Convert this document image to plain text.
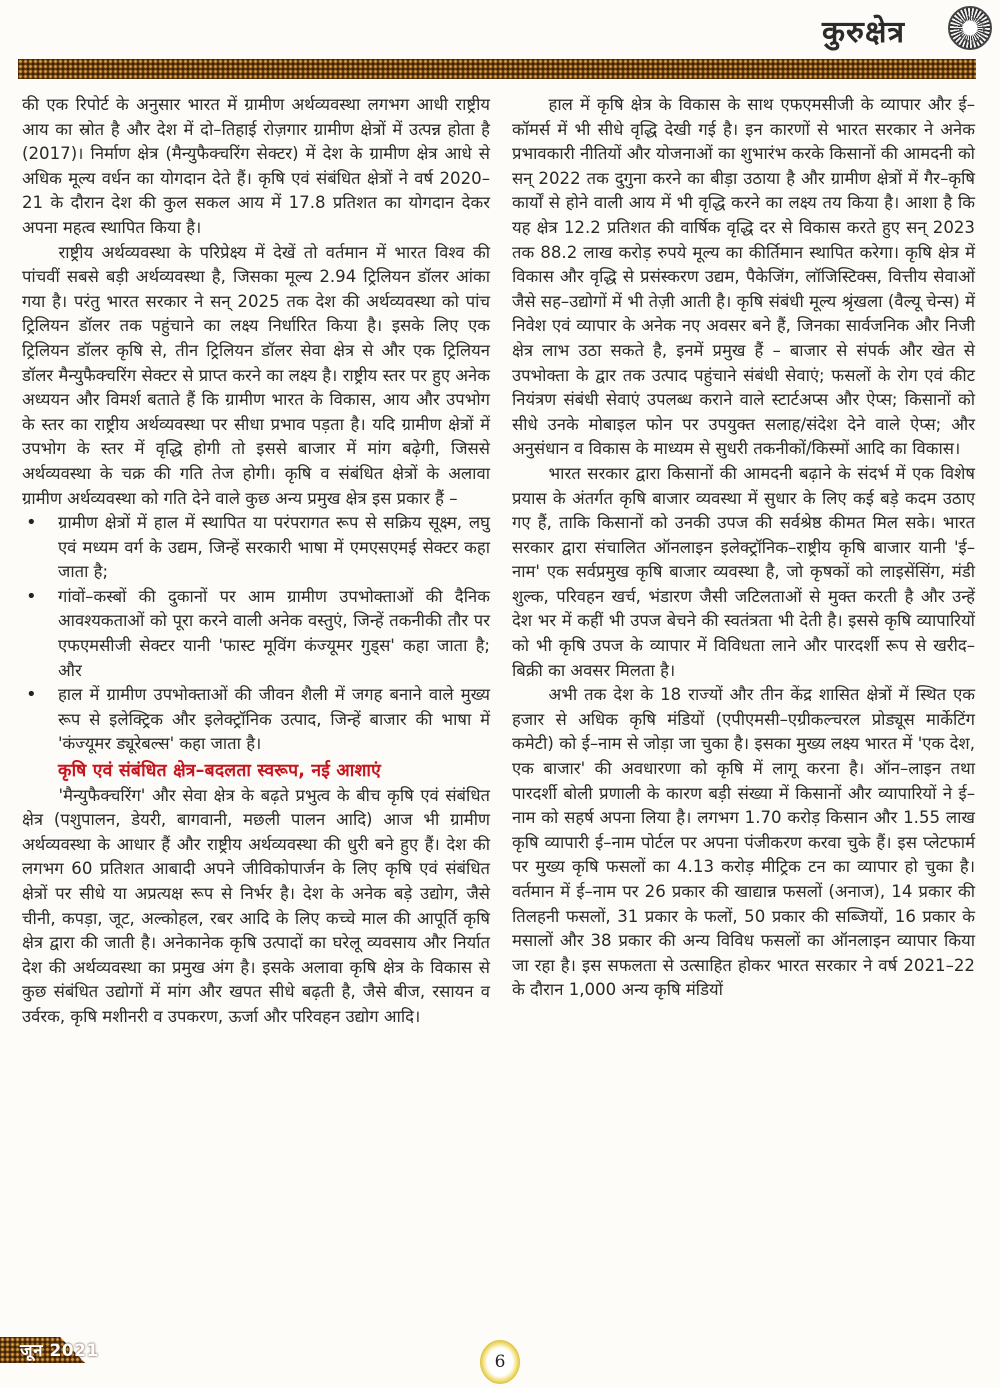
कुरुक्षेत्र

की एक रिपोर्ट के अनुसार भारत में ग्रामीण अर्थव्यवस्था लगभग आधी राष्ट्रीय आय का स्रोत है और देश में दो–तिहाई रोज़गार ग्रामीण क्षेत्रों में उत्पन्न होता है (2017)। निर्माण क्षेत्र (मैन्युफैक्चरिंग सेक्टर) में देश के ग्रामीण क्षेत्र आधे से अधिक मूल्य वर्धन का योगदान देते हैं। कृषि एवं संबंधित क्षेत्रों ने वर्ष 2020–21 के दौरान देश की कुल सकल आय में 17.8 प्रतिशत का योगदान देकर अपना महत्व स्थापित किया है।

राष्ट्रीय अर्थव्यवस्था के परिप्रेक्ष्य में देखें तो वर्तमान में भारत विश्व की पांचवीं सबसे बड़ी अर्थव्यवस्था है, जिसका मूल्य 2.94 ट्रिलियन डॉलर आंका गया है। परंतु भारत सरकार ने सन् 2025 तक देश की अर्थव्यवस्था को पांच ट्रिलियन डॉलर तक पहुंचाने का लक्ष्य निर्धारित किया है। इसके लिए एक ट्रिलियन डॉलर कृषि से, तीन ट्रिलियन डॉलर सेवा क्षेत्र से और एक ट्रिलियन डॉलर मैन्युफैक्चरिंग सेक्टर से प्राप्त करने का लक्ष्य है। राष्ट्रीय स्तर पर हुए अनेक अध्ययन और विमर्श बताते हैं कि ग्रामीण भारत के विकास, आय और उपभोग के स्तर का राष्ट्रीय अर्थव्यवस्था पर सीधा प्रभाव पड़ता है। यदि ग्रामीण क्षेत्रों में उपभोग के स्तर में वृद्धि होगी तो इससे बाजार में मांग बढ़ेगी, जिससे अर्थव्यवस्था के चक्र की गति तेज होगी। कृषि व संबंधित क्षेत्रों के अलावा ग्रामीण अर्थव्यवस्था को गति देने वाले कुछ अन्य प्रमुख क्षेत्र इस प्रकार हैं –

• ग्रामीण क्षेत्रों में हाल में स्थापित या परंपरागत रूप से सक्रिय सूक्ष्म, लघु एवं मध्यम वर्ग के उद्यम, जिन्हें सरकारी भाषा में एमएसएमई सेक्टर कहा जाता है;
• गांवों–कस्बों की दुकानों पर आम ग्रामीण उपभोक्ताओं की दैनिक आवश्यकताओं को पूरा करने वाली अनेक वस्तुएं, जिन्हें तकनीकी तौर पर एफएमसीजी सेक्टर यानी 'फास्ट मूविंग कंज्यूमर गुड्स' कहा जाता है; और
• हाल में ग्रामीण उपभोक्ताओं की जीवन शैली में जगह बनाने वाले मुख्य रूप से इलेक्ट्रिक और इलेक्ट्रॉनिक उत्पाद, जिन्हें बाजार की भाषा में 'कंज्यूमर ड्यूरेबल्स' कहा जाता है।
कृषि एवं संबंधित क्षेत्र–बदलता स्वरूप, नई आशाएं

'मैन्युफैक्चरिंग' और सेवा क्षेत्र के बढ़ते प्रभुत्व के बीच कृषि एवं संबंधित क्षेत्र (पशुपालन, डेयरी, बागवानी, मछली पालन आदि) आज भी ग्रामीण अर्थव्यवस्था के आधार हैं और राष्ट्रीय अर्थव्यवस्था की धुरी बने हुए हैं। देश की लगभग 60 प्रतिशत आबादी अपने जीविकोपार्जन के लिए कृषि एवं संबंधित क्षेत्रों पर सीधे या अप्रत्यक्ष रूप से निर्भर है। देश के अनेक बड़े उद्योग, जैसे चीनी, कपड़ा, जूट, अल्कोहल, रबर आदि के लिए कच्चे माल की आपूर्ति कृषि क्षेत्र द्वारा की जाती है। अनेकानेक कृषि उत्पादों का घरेलू व्यवसाय और निर्यात देश की अर्थव्यवस्था का प्रमुख अंग है। इसके अलावा कृषि क्षेत्र के विकास से कुछ संबंधित उद्योगों में मांग और खपत सीधे बढ़ती है, जैसे बीज, रसायन व उर्वरक, कृषि मशीनरी व उपकरण, ऊर्जा और परिवहन उद्योग आदि।

हाल में कृषि क्षेत्र के विकास के साथ एफएमसीजी के व्यापार और ई–कॉमर्स में भी सीधे वृद्धि देखी गई है। इन कारणों से भारत सरकार ने अनेक प्रभावकारी नीतियों और योजनाओं का शुभारंभ करके किसानों की आमदनी को सन् 2022 तक दुगुना करने का बीड़ा उठाया है और ग्रामीण क्षेत्रों में गैर–कृषि कार्यों से होने वाली आय में भी वृद्धि करने का लक्ष्य तय किया है। आशा है कि यह क्षेत्र 12.2 प्रतिशत की वार्षिक वृद्धि दर से विकास करते हुए सन् 2023 तक 88.2 लाख करोड़ रुपये मूल्य का कीर्तिमान स्थापित करेगा। कृषि क्षेत्र में विकास और वृद्धि से प्रसंस्करण उद्यम, पैकेजिंग, लॉजिस्टिक्स, वित्तीय सेवाओं जैसे सह–उद्योगों में भी तेज़ी आती है। कृषि संबंधी मूल्य श्रृंखला (वैल्यू चेन्स) में निवेश एवं व्यापार के अनेक नए अवसर बने हैं, जिनका सार्वजनिक और निजी क्षेत्र लाभ उठा सकते है, इनमें प्रमुख हैं – बाजार से संपर्क और खेत से उपभोक्ता के द्वार तक उत्पाद पहुंचाने संबंधी सेवाएं; फसलों के रोग एवं कीट नियंत्रण संबंधी सेवाएं उपलब्ध कराने वाले स्टार्टअप्स और ऐप्स; किसानों को सीधे उनके मोबाइल फोन पर उपयुक्त सलाह/संदेश देने वाले ऐप्स; और अनुसंधान व विकास के माध्यम से सुधरी तकनीकों/किस्मों आदि का विकास।

भारत सरकार द्वारा किसानों की आमदनी बढ़ाने के संदर्भ में एक विशेष प्रयास के अंतर्गत कृषि बाजार व्यवस्था में सुधार के लिए कई बड़े कदम उठाए गए हैं, ताकि किसानों को उनकी उपज की सर्वश्रेष्ठ कीमत मिल सके। भारत सरकार द्वारा संचालित ऑनलाइन इलेक्ट्रॉनिक–राष्ट्रीय कृषि बाजार यानी 'ई–नाम' एक सर्वप्रमुख कृषि बाजार व्यवस्था है, जो कृषकों को लाइसेंसिंग, मंडी शुल्क, परिवहन खर्च, भंडारण जैसी जटिलताओं से मुक्त करती है और उन्हें देश भर में कहीं भी उपज बेचने की स्वतंत्रता भी देती है। इससे कृषि व्यापारियों को भी कृषि उपज के व्यापार में विविधता लाने और पारदर्शी रूप से खरीद–बिक्री का अवसर मिलता है।

अभी तक देश के 18 राज्यों और तीन केंद्र शासित क्षेत्रों में स्थित एक हजार से अधिक कृषि मंडियों (एपीएमसी–एग्रीकल्चरल प्रोड्यूस मार्केटिंग कमेटी) को ई–नाम से जोड़ा जा चुका है। इसका मुख्य लक्ष्य भारत में 'एक देश, एक बाजार' की अवधारणा को कृषि में लागू करना है। ऑन–लाइन तथा पारदर्शी बोली प्रणाली के कारण बड़ी संख्या में किसानों और व्यापारियों ने ई–नाम को सहर्ष अपना लिया है। लगभग 1.70 करोड़ किसान और 1.55 लाख कृषि व्यापारी ई–नाम पोर्टल पर अपना पंजीकरण करवा चुके हैं। इस प्लेटफार्म पर मुख्य कृषि फसलों का 4.13 करोड़ मीट्रिक टन का व्यापार हो चुका है। वर्तमान में ई–नाम पर 26 प्रकार की खाद्यान्न फसलों (अनाज), 14 प्रकार की तिलहनी फसलों, 31 प्रकार के फलों, 50 प्रकार की सब्जियों, 16 प्रकार के मसालों और 38 प्रकार की अन्य विविध फसलों का ऑनलाइन व्यापार किया जा रहा है। इस सफलता से उत्साहित होकर भारत सरकार ने वर्ष 2021–22 के दौरान 1,000 अन्य कृषि मंडियों

जून 2021
6
